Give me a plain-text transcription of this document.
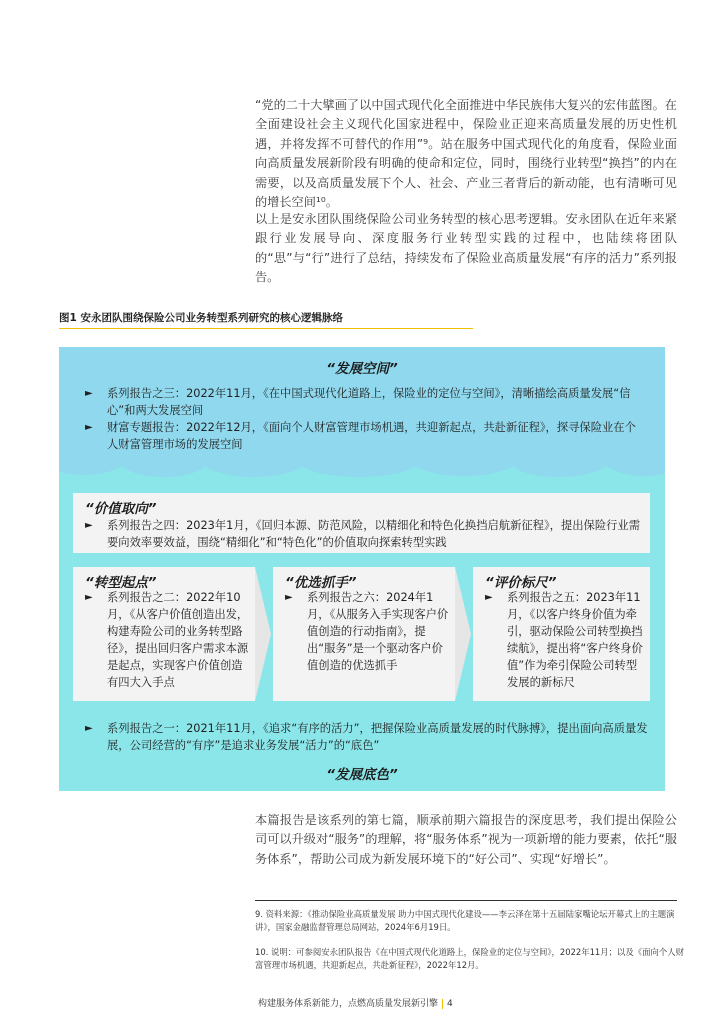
“党的二十大擘画了以中国式现代化全面推进中华民族伟大复兴的宏伟蓝图。在全面建设社会主义现代化国家进程中，保险业正迎来高质量发展的历史性机遇，并将发挥不可替代的作用”⁹。站在服务中国式现代化的角度看，保险业面向高质量发展新阶段有明确的使命和定位，同时，围绕行业转型“换挡”的内在需要，以及高质量发展下个人、社会、产业三者背后的新动能，也有清晰可见的增长空间¹⁰。

以上是安永团队围绕保险公司业务转型的核心思考逻辑。安永团队在近年来紧跟行业发展导向、深度服务行业转型实践的过程中，也陆续将团队的“思”与“行”进行了总结，持续发布了保险业高质量发展“有序的活力”系列报告。

图1 安永团队围绕保险公司业务转型系列研究的核心逻辑脉络
“发展空间”
► 系列报告之三：2022年11月，《在中国式现代化道路上，保险业的定位与空间》，清晰描绘高质量发展“信心”和两大发展空间
► 财富专题报告：2022年12月，《面向个人财富管理市场机遇，共迎新起点，共赴新征程》，探寻保险业在个人财富管理市场的发展空间
“价值取向”
► 系列报告之四：2023年1月，《回归本源、防范风险，以精细化和特色化换挡启航新征程》，提出保险行业需要向效率要效益，围绕“精细化”和“特色化”的价值取向探索转型实践
“转型起点”
► 系列报告之二：2022年10月，《从客户价值创造出发，构建寿险公司的业务转型路径》，提出回归客户需求本源是起点，实现客户价值创造有四大入手点
“优选抓手”
► 系列报告之六：2024年1月，《从服务入手实现客户价值创造的行动指南》，提出“服务”是一个驱动客户价值创造的优选抓手
“评价标尺”
► 系列报告之五：2023年11月，《以客户终身价值为牵引，驱动保险公司转型换挡续航》，提出将“客户终身价值”作为牵引保险公司转型发展的新标尺
► 系列报告之一：2021年11月，《追求“有序的活力”，把握保险业高质量发展的时代脉搏》，提出面向高质量发展，公司经营的“有序”是追求业务发展“活力”的“底色”
“发展底色”

本篇报告是该系列的第七篇，顺承前期六篇报告的深度思考，我们提出保险公司可以升级对“服务”的理解，将“服务体系”视为一项新增的能力要素，依托“服务体系”，帮助公司成为新发展环境下的“好公司”、实现“好增长”。

9. 资料来源：《推动保险业高质量发展 助力中国式现代化建设——李云泽在第十五届陆家嘴论坛开幕式上的主题演讲》，国家金融监督管理总局网站，2024年6月19日。
10. 说明：可参阅安永团队报告《在中国式现代化道路上，保险业的定位与空间》，2022年11月；以及《面向个人财富管理市场机遇，共迎新起点，共赴新征程》，2022年12月。
构建服务体系新能力，点燃高质量发展新引擎 4
